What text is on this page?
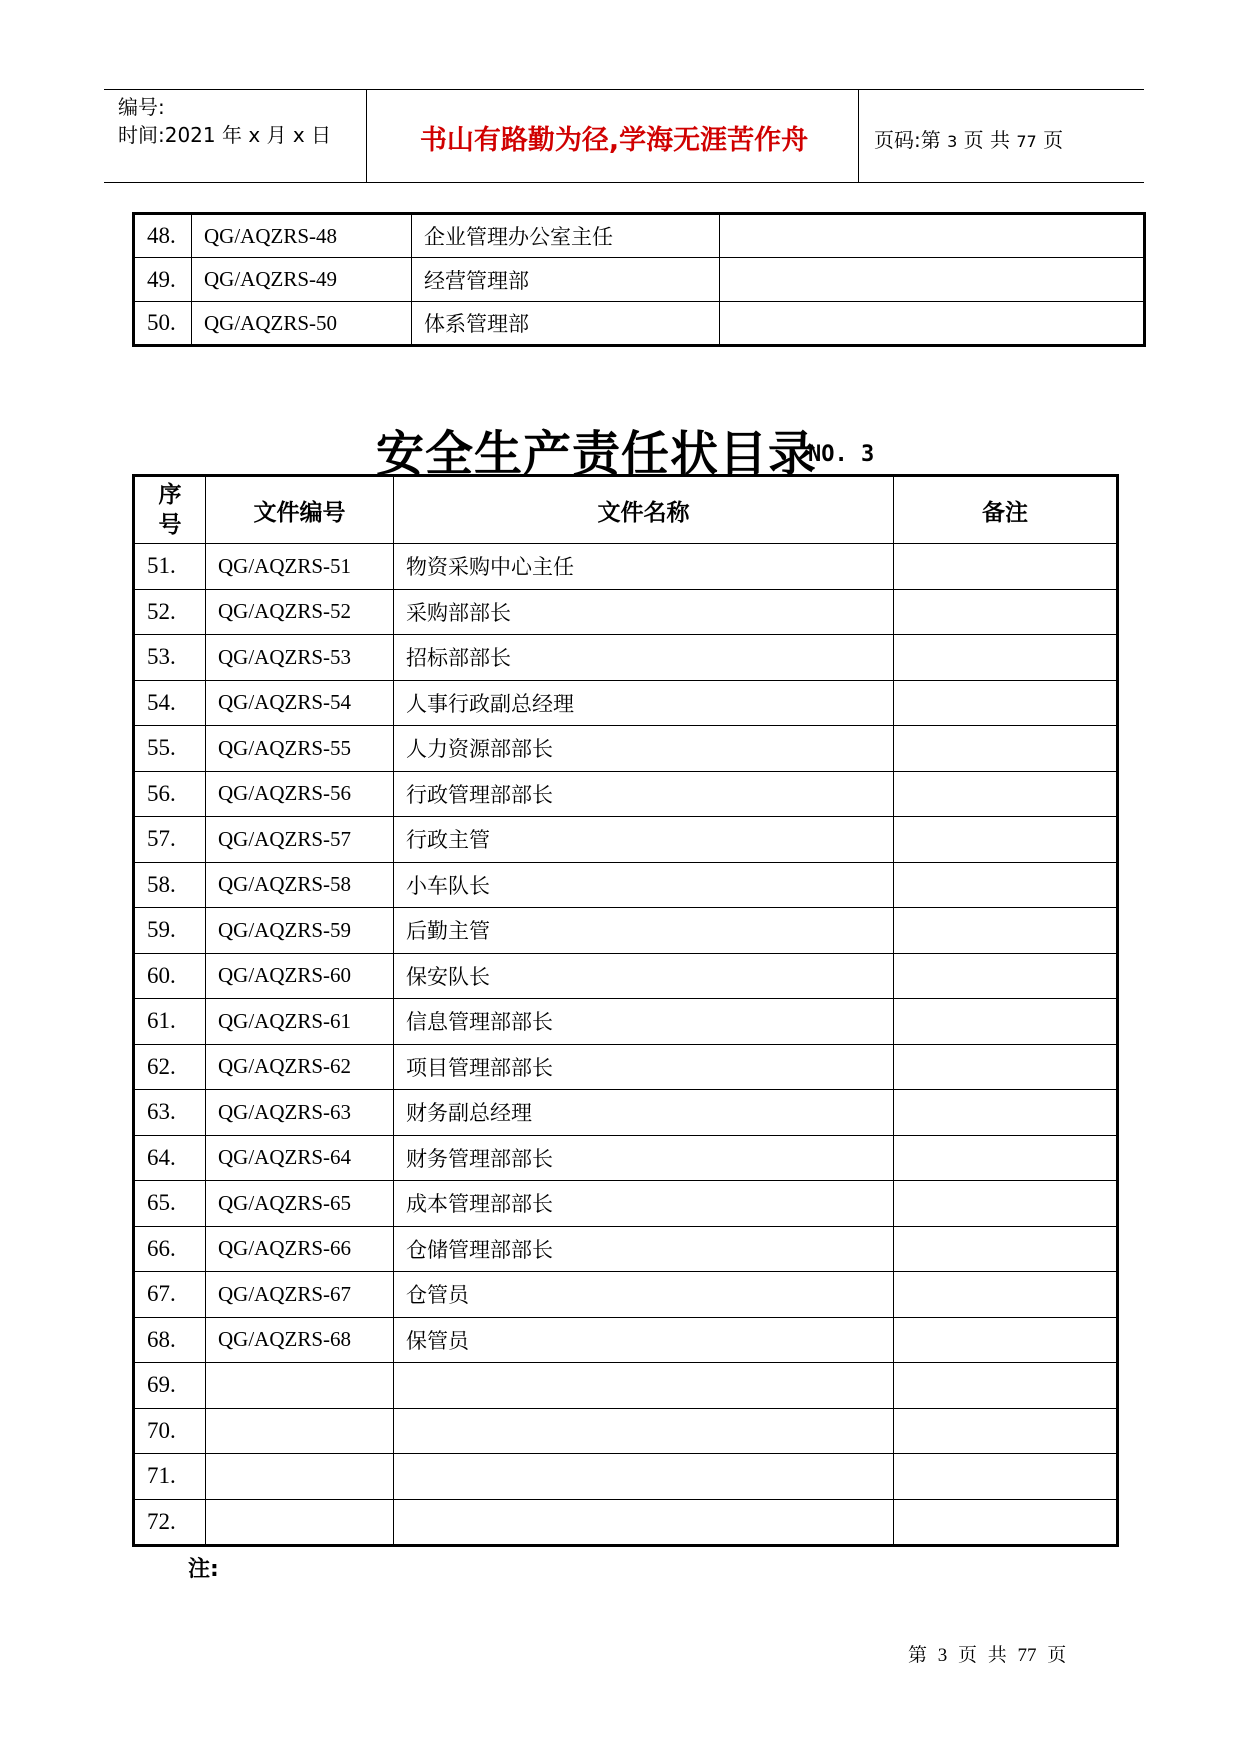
编号:
时间:2021 年 x 月 x 日	书山有路勤为径,学海无涯苦作舟	页码:第 3 页 共 77 页
48.	QG/AQZRS-48	企业管理办公室主任	
49.	QG/AQZRS-49	经营管理部	
50.	QG/AQZRS-50	体系管理部	
安全生产责任状目录
NO. 3
序
号	文件编号	文件名称	备注
51.	QG/AQZRS-51	物资采购中心主任	
52.	QG/AQZRS-52	采购部部长	
53.	QG/AQZRS-53	招标部部长	
54.	QG/AQZRS-54	人事行政副总经理	
55.	QG/AQZRS-55	人力资源部部长	
56.	QG/AQZRS-56	行政管理部部长	
57.	QG/AQZRS-57	行政主管	
58.	QG/AQZRS-58	小车队长	
59.	QG/AQZRS-59	后勤主管	
60.	QG/AQZRS-60	保安队长	
61.	QG/AQZRS-61	信息管理部部长	
62.	QG/AQZRS-62	项目管理部部长	
63.	QG/AQZRS-63	财务副总经理	
64.	QG/AQZRS-64	财务管理部部长	
65.	QG/AQZRS-65	成本管理部部长	
66.	QG/AQZRS-66	仓储管理部部长	
67.	QG/AQZRS-67	仓管员	
68.	QG/AQZRS-68	保管员	
69.			
70.			
71.			
72.			
注:
第 3 页 共 77 页
